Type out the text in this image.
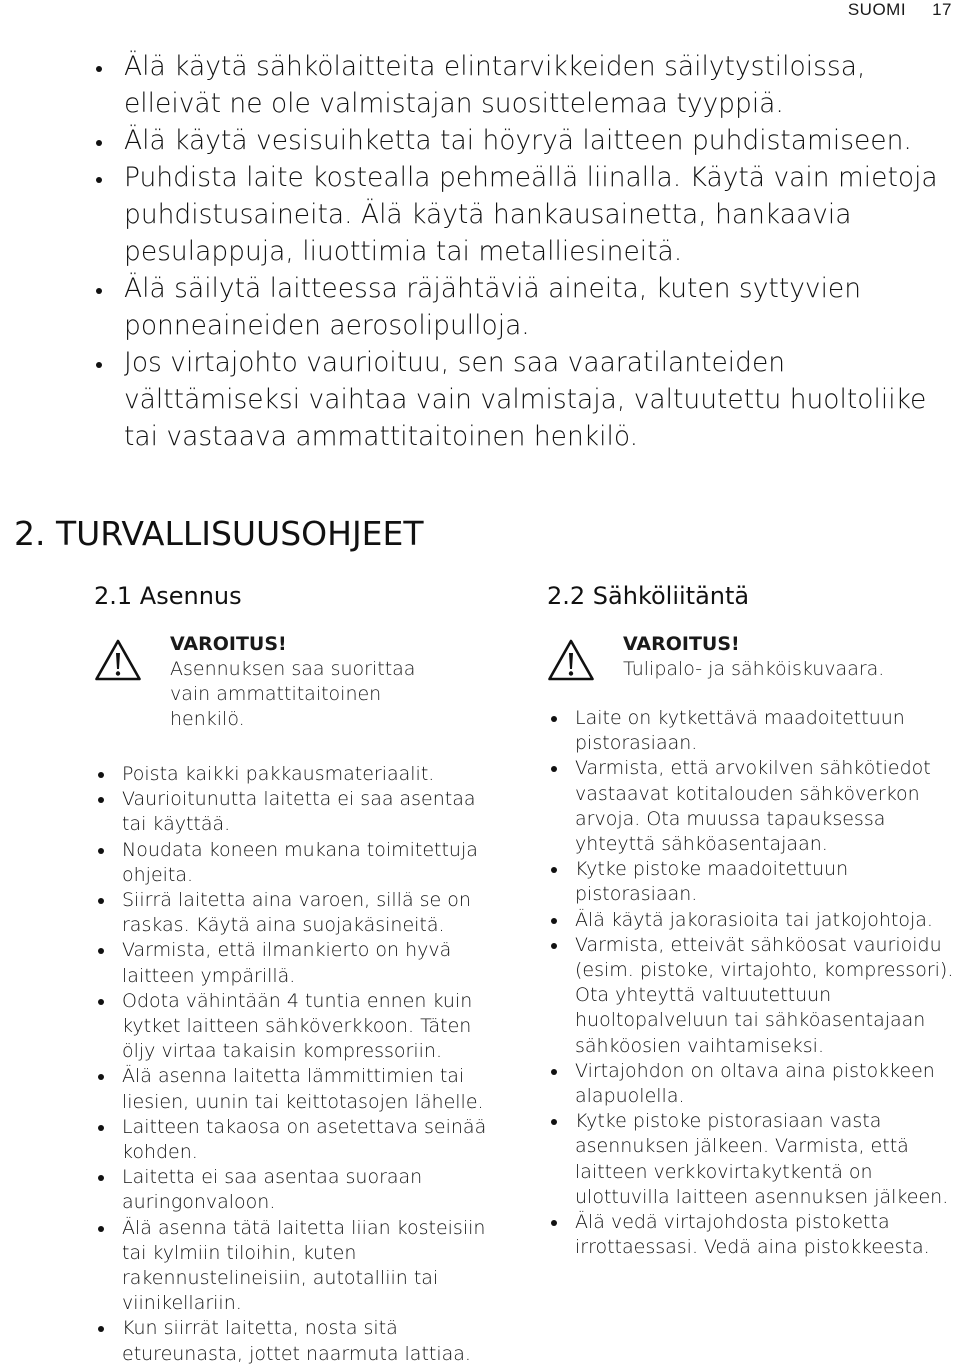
SUOMI 17
Älä käytä sähkölaitteita elintarvikkeiden säilytystiloissa, elleivät ne ole valmistajan suosittelemaa tyyppiä.
Älä käytä vesisuihketta tai höyryä laitteen puhdistamiseen.
Puhdista laite kostealla pehmeällä liinalla. Käytä vain mietoja puhdistusaineita. Älä käytä hankausainetta, hankaavia pesulappuja, liuottimia tai metalliesineitä.
Älä säilytä laitteessa räjähtäviä aineita, kuten syttyvien ponneaineiden aerosolipulloja.
Jos virtajohto vaurioituu, sen saa vaaratilanteiden välttämiseksi vaihtaa vain valmistaja, valtuutettu huoltoliike tai vastaava ammattitaitoinen henkilö.
2. TURVALLISUUSOHJEET
2.1 Asennus
VAROITUS!
Asennuksen saa suorittaa vain ammattitaitoinen henkilö.
Poista kaikki pakkausmateriaalit.
Vaurioitunutta laitetta ei saa asentaa tai käyttää.
Noudata koneen mukana toimitettuja ohjeita.
Siirrä laitetta aina varoen, sillä se on raskas. Käytä aina suojakäsineitä.
Varmista, että ilmankierto on hyvä laitteen ympärillä.
Odota vähintään 4 tuntia ennen kuin kytket laitteen sähköverkkoon. Täten öljy virtaa takaisin kompressoriin.
Älä asenna laitetta lämmittimien tai liesien, uunin tai keittotasojen lähelle.
Laitteen takaosa on asetettava seinää kohden.
Laitetta ei saa asentaa suoraan auringonvaloon.
Älä asenna tätä laitetta liian kosteisiin tai kylmiin tiloihin, kuten rakennustelineisiin, autotalliin tai viinikellariin.
Kun siirrät laitetta, nosta sitä etureunasta, jottet naarmuta lattiaa.
2.2 Sähköliitäntä
VAROITUS!
Tulipalo- ja sähköiskuvaara.
Laite on kytkettävä maadoitettuun pistorasiaan.
Varmista, että arvokilven sähkötiedot vastaavat kotitalouden sähköverkon arvoja. Ota muussa tapauksessa yhteyttä sähköasentajaan.
Kytke pistoke maadoitettuun pistorasiaan.
Älä käytä jakorasioita tai jatkojohtoja.
Varmista, etteivät sähköosat vaurioidu (esim. pistoke, virtajohto, kompressori). Ota yhteyttä valtuutettuun huoltopalveluun tai sähköasentajaan sähköosien vaihtamiseksi.
Virtajohdon on oltava aina pistokkeen alapuolella.
Kytke pistoke pistorasiaan vasta asennuksen jälkeen. Varmista, että laitteen verkkovirtakytkentä on ulottuvilla laitteen asennuksen jälkeen.
Älä vedä virtajohdosta pistoketta irrottaessasi. Vedä aina pistokkeesta.
